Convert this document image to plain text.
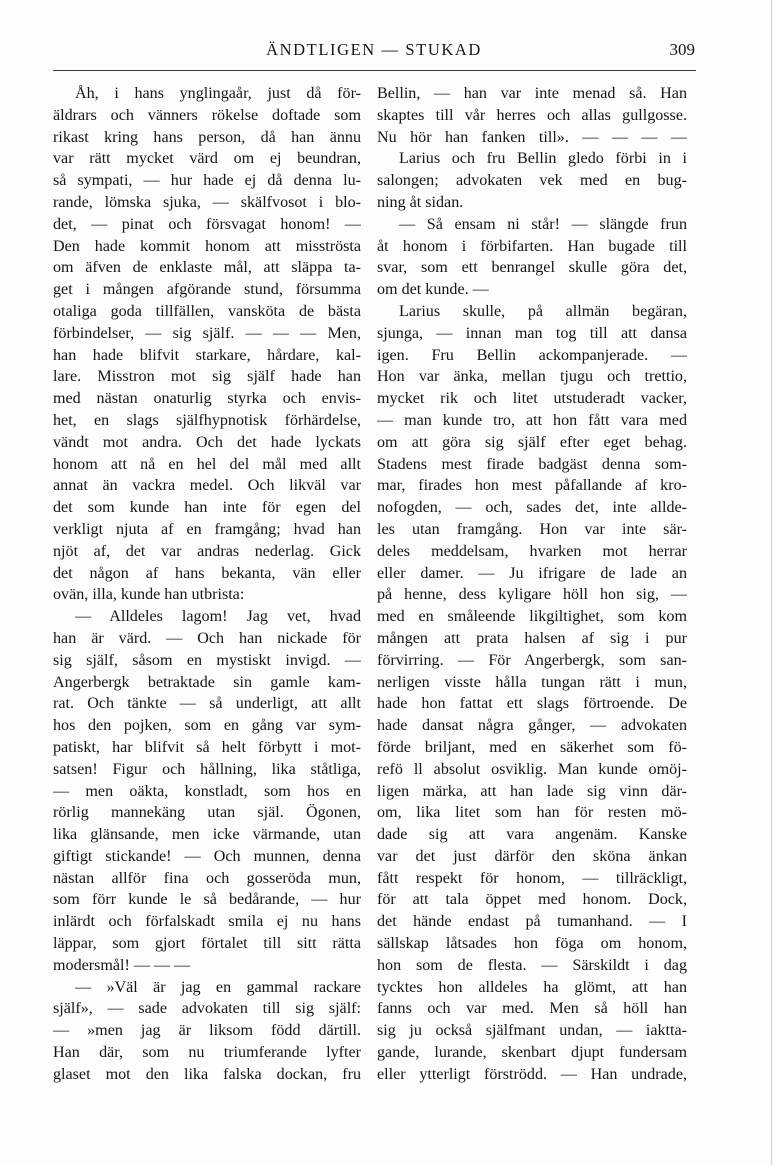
ÄNDTLIGEN — STUKAD	309
Åh, i hans ynglingaår, just då för-
äldrars och vänners rökelse doftade som
rikast kring hans person, då han ännu
var rätt mycket värd om ej beundran,
så sympati, — hur hade ej då denna lu-
rande, lömska sjuka, — skälfvosot i blo-
det, — pinat och försvagat honom! —
Den hade kommit honom att misströsta
om äfven de enklaste mål, att släppa ta-
get i mången afgörande stund, försumma
otaliga goda tillfällen, vansköta de bästa
förbindelser, — sig själf. — — — Men,
han hade blifvit starkare, hårdare, kal-
lare. Misstron mot sig själf hade han
med nästan onaturlig styrka och envis-
het, en slags själfhypnotisk förhärdelse,
vändt mot andra. Och det hade lyckats
honom att nå en hel del mål med allt
annat än vackra medel. Och likväl var
det som kunde han inte för egen del
verkligt njuta af en framgång; hvad han
njöt af, det var andras nederlag. Gick
det någon af hans bekanta, vän eller
ovän, illa, kunde han utbrista:
— Alldeles lagom! Jag vet, hvad
han är värd. — Och han nickade för
sig själf, såsom en mystiskt invigd. —
Angerbergk betraktade sin gamle kam-
rat. Och tänkte — så underligt, att allt
hos den pojken, som en gång var sym-
patiskt, har blifvit så helt förbytt i mot-
satsen! Figur och hållning, lika ståtliga,
— men oäkta, konstladt, som hos en
rörlig mannekäng utan själ. Ögonen,
lika glänsande, men icke värmande, utan
giftigt stickande! — Och munnen, denna
nästan allför fina och gosseröda mun,
som förr kunde le så bedårande, — hur
inlärdt och förfalskadt smila ej nu hans
läppar, som gjort förtalet till sitt rätta
modersmål! — — —
— »Väl är jag en gammal rackare
själf», — sade advokaten till sig själf:
— »men jag är liksom född därtill.
Han där, som nu triumferande lyfter
glaset mot den lika falska dockan, fru
Bellin, — han var inte menad så. Han
skaptes till vår herres och allas gullgosse.
Nu hör han fanken till». — — — —
Larius och fru Bellin gledo förbi in i
salongen; advokaten vek med en bug-
ning åt sidan.
— Så ensam ni står! — slängde frun
åt honom i förbifarten. Han bugade till
svar, som ett benrangel skulle göra det,
om det kunde. —
Larius skulle, på allmän begäran,
sjunga, — innan man tog till att dansa
igen. Fru Bellin ackompanjerade. —
Hon var änka, mellan tjugu och trettio,
mycket rik och litet utstuderadt vacker,
— man kunde tro, att hon fått vara med
om att göra sig själf efter eget behag.
Stadens mest firade badgäst denna som-
mar, firades hon mest påfallande af kro-
nofogden, — och, sades det, inte allde-
les utan framgång. Hon var inte sär-
deles meddelsam, hvarken mot herrar
eller damer. — Ju ifrigare de lade an
på henne, dess kyligare höll hon sig, —
med en småleende likgiltighet, som kom
mången att prata halsen af sig i pur
förvirring. — För Angerbergk, som san-
nerligen visste hålla tungan rätt i mun,
hade hon fattat ett slags förtroende. De
hade dansat några gånger, — advokaten
förde briljant, med en säkerhet som fö-
refö ll absolut osviklig. Man kunde omöj-
ligen märka, att han lade sig vinn där-
om, lika litet som han för resten mö-
dade sig att vara angenäm. Kanske
var det just därför den sköna änkan
fått respekt för honom, — tillräckligt,
för att tala öppet med honom. Dock,
det hände endast på tumanhand. — I
sällskap låtsades hon föga om honom,
hon som de flesta. — Särskildt i dag
tycktes hon alldeles ha glömt, att han
fanns och var med. Men så höll han
sig ju också själfmant undan, — iaktta-
gande, lurande, skenbart djupt fundersam
eller ytterligt förströdd. — Han undrade,
